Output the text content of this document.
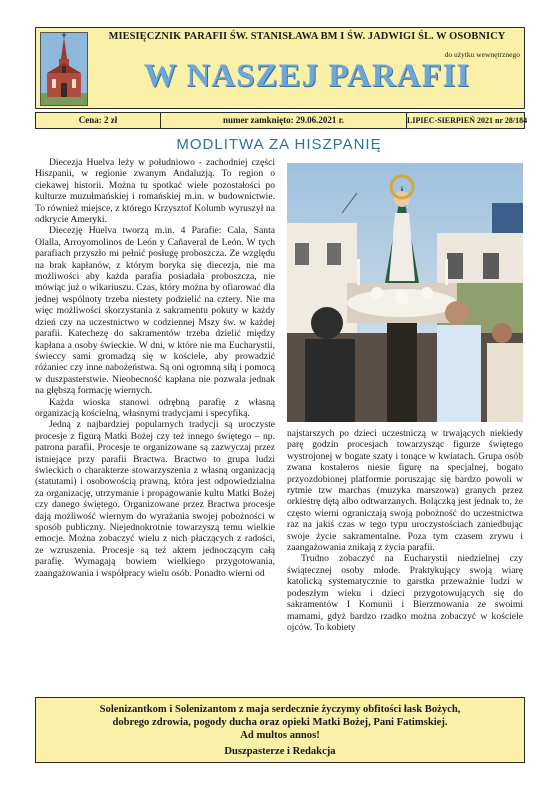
MIESIĘCZNIK PARAFII ŚW. STANISŁAWA BM I ŚW. JADWIGI ŚL. W OSOBNICY
do użytku wewnętrznego
W NASZEJ PARAFII
Cena: 2 zł	numer zamknięto: 29.06.2021 r.	LIPIEC-SIERPIEŃ 2021 nr 28/184
MODLITWA ZA HISZPANIĘ

Diecezja Huelva leży w południowo - zachodniej części Hiszpanii, w regionie zwanym Andaluzją. To region o ciekawej historii. Można tu spotkać wiele pozostałości po kulturze muzułmańskiej i romańskiej m.in. w budownictwie. To również miejsce, z którego Krzysztof Kolumb wyruszył na odkrycie Ameryki.

Diecezję Huelva tworzą m.in. 4 Parafie: Cala, Santa Olalla, Arroyomolinos de León y Cañaveral de León. W tych parafiach przyszło mi pełnić posługę proboszcza. Ze względu na brak kapłanów, z którym boryka się diecezja, nie ma możliwości aby każda parafia posiadała proboszcza, nie mówiąc już o wikariuszu. Czas, który można by ofiarować dla jednej wspólnoty trzeba niestety podzielić na cztery. Nie ma więc możliwości skorzystania z sakramentu pokuty w każdy dzień czy na uczestnictwo w codziennej Mszy św. w każdej parafii. Katechezę do sakramentów trzeba dzielić między kapłana a osoby świeckie. W dni, w które nie ma Eucharystii, świeccy sami gromadzą się w kościele, aby prowadzić różaniec czy inne nabożeństwa. Są oni ogromną siłą i pomocą w duszpasterstwie. Nieobecność kapłana nie pozwala jednak na głębszą formację wiernych.

Każda wioska stanowi odrębną parafię z własną organizacją kościelną, własnymi tradycjami i specyfiką.

Jedną z najbardziej popularnych tradycji są uroczyste procesje z figurą Matki Bożej czy też innego świętego – np. patrona parafii. Procesje te organizowane są zazwyczaj przez istniejące przy parafii Bractwa. Bractwo to grupa ludzi świeckich o charakterze stowarzyszenia z własną organizacją (statutami) i osobowością prawną, która jest odpowiedzialna za organizację, utrzymanie i propagowanie kultu Matki Bożej czy danego świętego. Organizowane przez Bractwa procesje dają możliwość wiernym do wyrażania swojej pobożności w sposób publiczny. Niejednokrotnie towarzyszą temu wielkie emocje. Można zobaczyć wielu z nich płaczących z radości, ze wzruszenia. Procesje są też aktem jednoczącym całą parafię. Wymagają bowiem wielkiego przygotowania, zaangażowania i współpracy wielu osób. Ponadto wierni od

najstarszych po dzieci uczestniczą w trwających niekiedy parę godzin procesjach towarzysząc figurze świętego wystrojonej w bogate szaty i tonące w kwiatach. Grupa osób zwana kostaleros niesie figurę na specjalnej, bogato przyozdobionej platformie poruszając się bardzo powoli w rytmie tzw marchas (muzyka marszowa) granych przez orkiestrę dętą albo odtwarzanych. Bolączką jest jednak to, że często wierni ograniczają swoją pobożność do uczestnictwa raz na jakiś czas w tego typu uroczystościach zaniedbując swoje życie sakramentalne. Poza tym czasem zrywu i zaangażowania znikają z życia parafii.

Trudno zobaczyć na Eucharystii niedzielnej czy świątecznej osoby młode. Praktykujący swoją wiarę katolicką systematycznie to garstka przeważnie ludzi w podeszłym wieku i dzieci przygotowujących się do sakramentów I Komunii i Bierzmowania ze swoimi mamami, gdyż bardzo rzadko można zobaczyć w kościele ojców. To kobiety

Solenizantkom i Solenizantom z maja serdecznie życzymy obfitości łask Bożych,
dobrego zdrowia, pogody ducha oraz opieki Matki Bożej, Pani Fatimskiej.
Ad multos annos!
Duszpasterze i Redakcja
